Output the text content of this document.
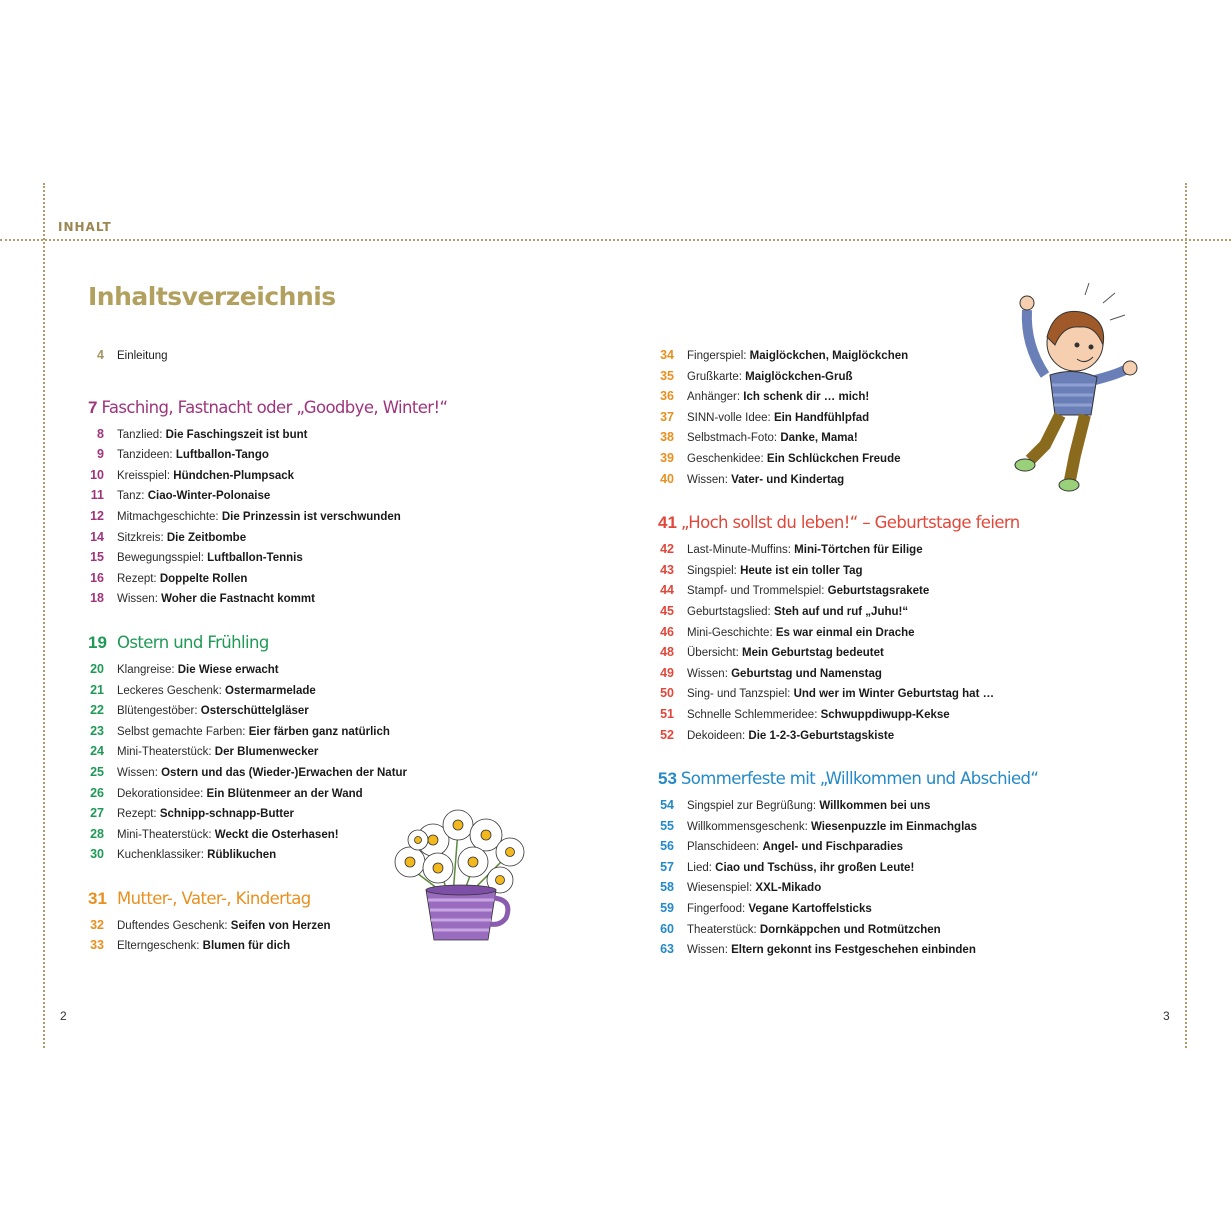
INHALT
Inhaltsverzeichnis
4 Einleitung
7 Fasching, Fastnacht oder „Goodbye, Winter!“
8 Tanzlied: Die Faschingszeit ist bunt
9 Tanzideen: Luftballon-Tango
10 Kreisspiel: Hündchen-Plumpsack
11 Tanz: Ciao-Winter-Polonaise
12 Mitmachgeschichte: Die Prinzessin ist verschwunden
14 Sitzkreis: Die Zeitbombe
15 Bewegungsspiel: Luftballon-Tennis
16 Rezept: Doppelte Rollen
18 Wissen: Woher die Fastnacht kommt
19 Ostern und Frühling
20 Klangreise: Die Wiese erwacht
21 Leckeres Geschenk: Ostermarmelade
22 Blütengestöber: Osterschüttelgläser
23 Selbst gemachte Farben: Eier färben ganz natürlich
24 Mini-Theaterstück: Der Blumenwecker
25 Wissen: Ostern und das (Wieder-)Erwachen der Natur
26 Dekorationsidee: Ein Blütenmeer an der Wand
27 Rezept: Schnipp-schnapp-Butter
28 Mini-Theaterstück: Weckt die Osterhasen!
30 Kuchenklassiker: Rüblikuchen
31 Mutter-, Vater-, Kindertag
32 Duftendes Geschenk: Seifen von Herzen
33 Elterngeschenk: Blumen für dich
34 Fingerspiel: Maiglöckchen, Maiglöckchen
35 Grußkarte: Maiglöckchen-Gruß
36 Anhänger: Ich schenk dir … mich!
37 SINN-volle Idee: Ein Handfühlpfad
38 Selbstmach-Foto: Danke, Mama!
39 Geschenkidee: Ein Schlückchen Freude
40 Wissen: Vater- und Kindertag
41 „Hoch sollst du leben!“ – Geburtstage feiern
42 Last-Minute-Muffins: Mini-Törtchen für Eilige
43 Singspiel: Heute ist ein toller Tag
44 Stampf- und Trommelspiel: Geburtstagsrakete
45 Geburtstagslied: Steh auf und ruf „Juhu!“
46 Mini-Geschichte: Es war einmal ein Drache
48 Übersicht: Mein Geburtstag bedeutet
49 Wissen: Geburtstag und Namenstag
50 Sing- und Tanzspiel: Und wer im Winter Geburtstag hat …
51 Schnelle Schlemmeridee: Schwuppdiwupp-Kekse
52 Dekoideen: Die 1-2-3-Geburtstagskiste
53 Sommerfeste mit „Willkommen und Abschied“
54 Singspiel zur Begrüßung: Willkommen bei uns
55 Willkommensgeschenk: Wiesenpuzzle im Einmachglas
56 Planschideen: Angel- und Fischparadies
57 Lied: Ciao und Tschüss, ihr großen Leute!
58 Wiesenspiel: XXL-Mikado
59 Fingerfood: Vegane Kartoffelsticks
60 Theaterstück: Dornkäppchen und Rotmützchen
63 Wissen: Eltern gekonnt ins Festgeschehen einbinden
2	3
